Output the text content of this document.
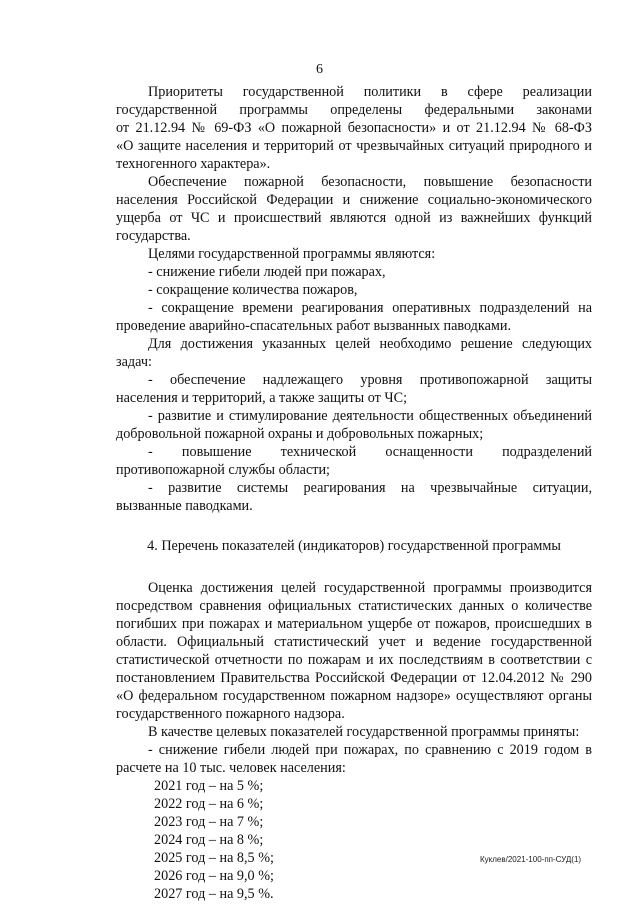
6

Приоритеты государственной политики в сфере реализации

государственной программы определены федеральными законами

от 21.12.94 № 69-ФЗ «О пожарной безопасности» и от 21.12.94 № 68-ФЗ

«О защите населения и территорий от чрезвычайных ситуаций природного и

техногенного характера».

Обеспечение пожарной безопасности, повышение безопасности

населения Российской Федерации и снижение социально-экономического

ущерба от ЧС и происшествий являются одной из важнейших функций

государства.

Целями государственной программы являются:

- снижение гибели людей при пожарах,

- сокращение количества пожаров,

- сокращение времени реагирования оперативных подразделений на

проведение аварийно-спасательных работ вызванных паводками.

Для достижения указанных целей необходимо решение следующих

задач:

- обеспечение надлежащего уровня противопожарной защиты

населения и территорий, а также защиты от ЧС;

- развитие и стимулирование деятельности общественных объединений

добровольной пожарной охраны и добровольных пожарных;

- повышение технической оснащенности подразделений

противопожарной службы области;

- развитие системы реагирования на чрезвычайные ситуации,

вызванные паводками.

4. Перечень показателей (индикаторов) государственной программы

Оценка достижения целей государственной программы производится

посредством сравнения официальных статистических данных о количестве

погибших при пожарах и материальном ущербе от пожаров, происшедших в

области. Официальный статистический учет и ведение государственной

статистической отчетности по пожарам и их последствиям в соответствии с

постановлением Правительства Российской Федерации от 12.04.2012 № 290

«О федеральном государственном пожарном надзоре» осуществляют органы

государственного пожарного надзора.

В качестве целевых показателей государственной программы приняты:

- снижение гибели людей при пожарах, по сравнению с 2019 годом в

расчете на 10 тыс. человек населения:

2021 год – на 5 %;

2022 год – на 6 %;

2023 год – на 7 %;

2024 год – на 8 %;

2025 год – на 8,5 %;

2026 год – на 9,0 %;

2027 год – на 9,5 %.

Куклев/2021-100-пп-СУД(1)
